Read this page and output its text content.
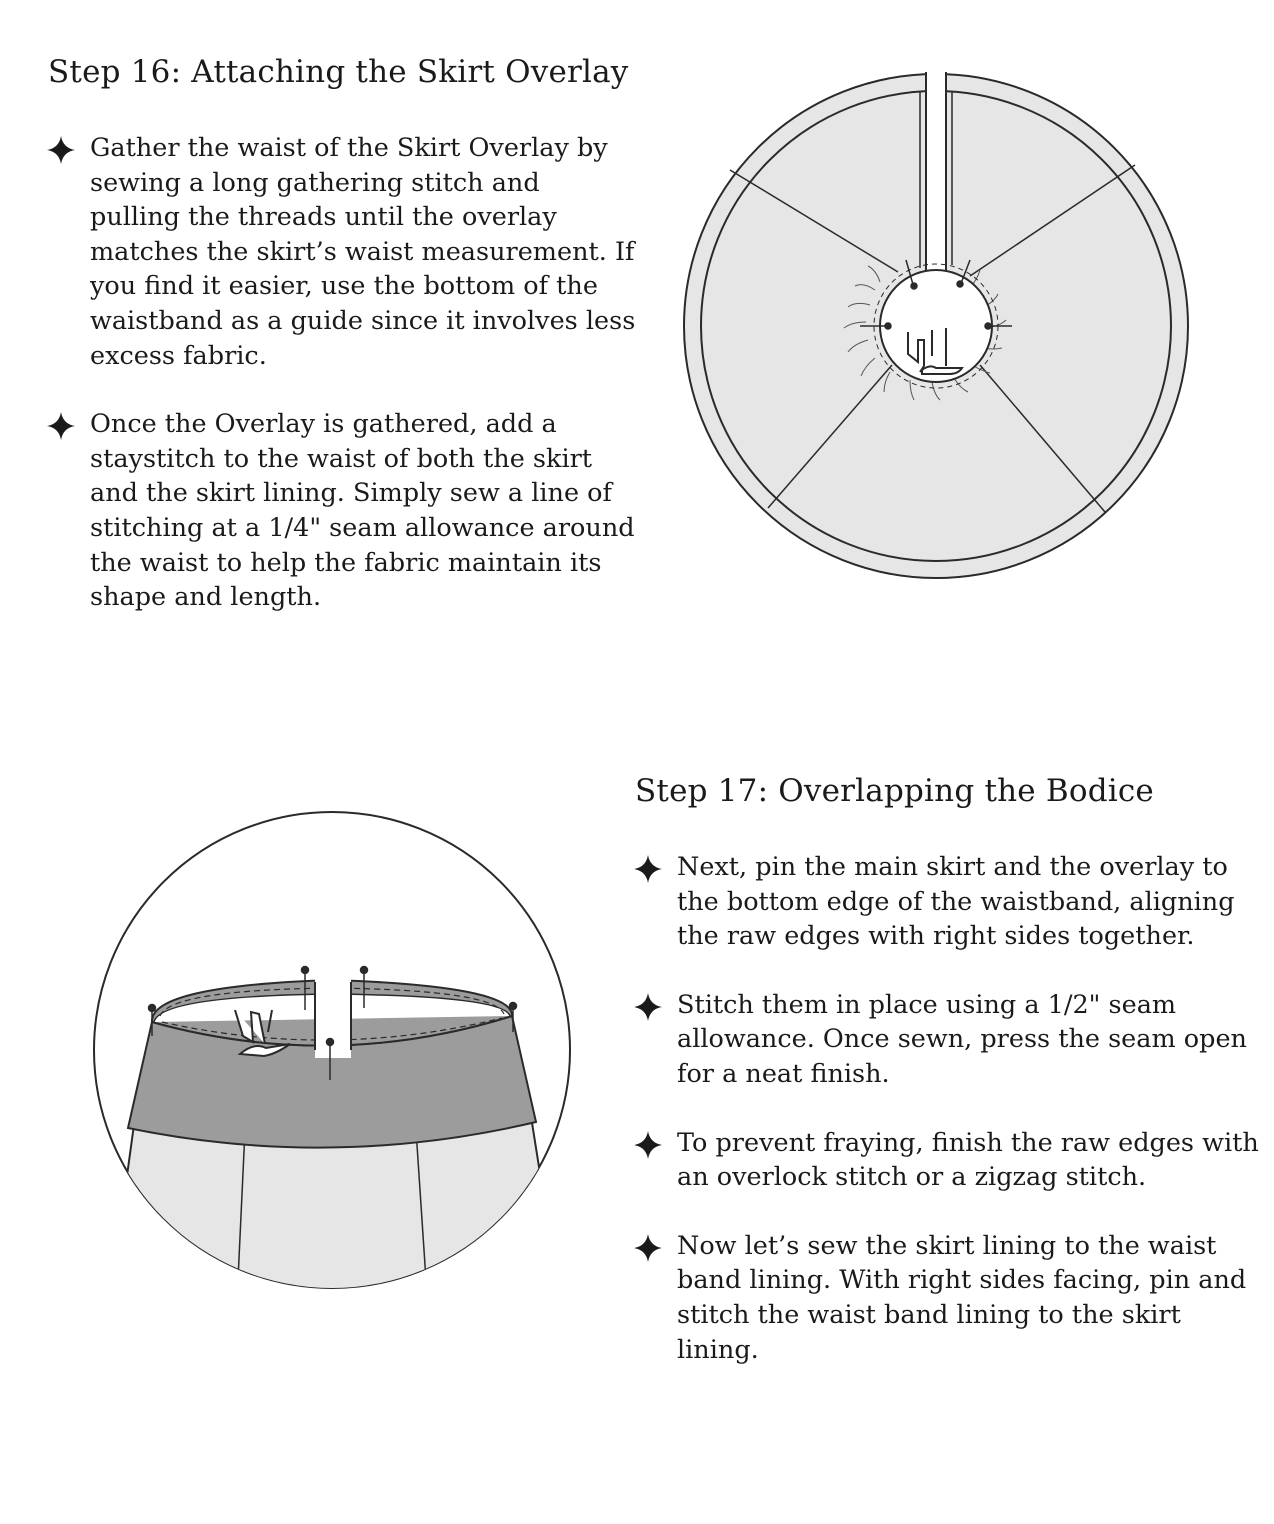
Step 16: Attaching the Skirt Overlay
Gather the waist of the Skirt Overlay by sewing a long gathering stitch and pulling the threads until the overlay matches the skirt’s waist measurement. If you find it easier, use the bottom of the waistband as a guide since it involves less excess fabric.
Once the Overlay is gathered, add a staystitch to the waist of both the skirt and the skirt lining. Simply sew a line of stitching at a 1/4" seam allowance around the waist to help the fabric maintain its shape and length.
Step 17: Overlapping the Bodice
Next, pin the main skirt and the overlay to the bottom edge of the waistband, aligning the raw edges with right sides together.
Stitch them in place using a 1/2" seam allowance. Once sewn, press the seam open for a neat finish.
To prevent fraying, finish the raw edges with an overlock stitch or a zigzag stitch.
Now let’s sew the skirt lining to the waist band lining. With right sides facing, pin and stitch the waist band lining to the skirt lining.
